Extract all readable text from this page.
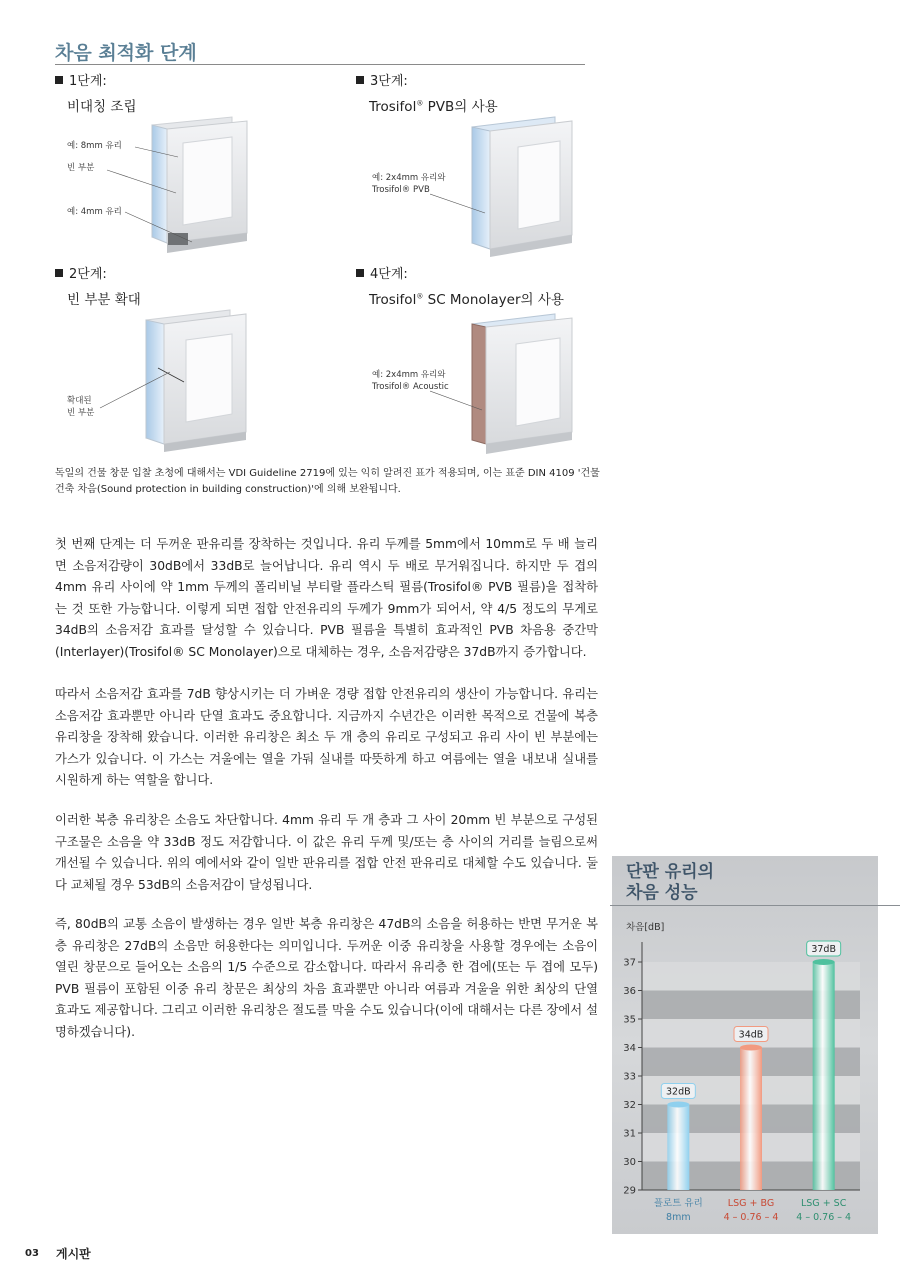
차음 최적화 단계
1단계:
비대칭 조립
3단계:
Trosifol® PVB의 사용
2단계:
빈 부분 확대
4단계:
Trosifol® SC Monolayer의 사용
예: 8mm 유리
빈 부분
예: 4mm 유리
예: 2x4mm 유리와
Trosifol® PVB
확대된
빈 부분
예: 2x4mm 유리와
Trosifol® Acoustic
독일의 건물 창문 입찰 초청에 대해서는 VDI Guideline 2719에 있는 익히 알려진 표가 적용되며, 이는 표준 DIN 4109 '건물 건축 차음(Sound protection in building construction)'에 의해 보완됩니다.

첫 번째 단계는 더 두꺼운 판유리를 장착하는 것입니다. 유리 두께를 5mm에서 10mm로 두 배 늘리면 소음저감량이 30dB에서 33dB로 늘어납니다. 유리 역시 두 배로 무거워집니다. 하지만 두 겹의 4mm 유리 사이에 약 1mm 두께의 폴리비닐 부티랄 플라스틱 필름(Trosifol® PVB 필름)을 접착하는 것 또한 가능합니다. 이렇게 되면 접합 안전유리의 두께가 9mm가 되어서, 약 4/5 정도의 무게로 34dB의 소음저감 효과를 달성할 수 있습니다. PVB 필름을 특별히 효과적인 PVB 차음용 중간막(Interlayer)(Trosifol® SC Monolayer)으로 대체하는 경우, 소음저감량은 37dB까지 증가합니다.

따라서 소음저감 효과를 7dB 향상시키는 더 가벼운 경량 접합 안전유리의 생산이 가능합니다. 유리는 소음저감 효과뿐만 아니라 단열 효과도 중요합니다. 지금까지 수년간은 이러한 목적으로 건물에 복층 유리창을 장착해 왔습니다. 이러한 유리창은 최소 두 개 층의 유리로 구성되고 유리 사이 빈 부분에는 가스가 있습니다. 이 가스는 겨울에는 열을 가둬 실내를 따뜻하게 하고 여름에는 열을 내보내 실내를 시원하게 하는 역할을 합니다.

이러한 복층 유리창은 소음도 차단합니다. 4mm 유리 두 개 층과 그 사이 20mm 빈 부분으로 구성된 구조물은 소음을 약 33dB 정도 저감합니다. 이 값은 유리 두께 및/또는 층 사이의 거리를 늘림으로써 개선될 수 있습니다. 위의 예에서와 같이 일반 판유리를 접합 안전 판유리로 대체할 수도 있습니다. 둘 다 교체될 경우 53dB의 소음저감이 달성됩니다.

즉, 80dB의 교통 소음이 발생하는 경우 일반 복층 유리창은 47dB의 소음을 허용하는 반면 무거운 복층 유리창은 27dB의 소음만 허용한다는 의미입니다. 두꺼운 이중 유리창을 사용할 경우에는 소음이 열린 창문으로 들어오는 소음의 1/5 수준으로 감소합니다. 따라서 유리층 한 겹에(또는 두 겹에 모두) PVB 필름이 포함된 이중 유리 창문은 최상의 차음 효과뿐만 아니라 여름과 겨울을 위한 최상의 단열 효과도 제공합니다. 그리고 이러한 유리창은 절도를 막을 수도 있습니다(이에 대해서는 다른 장에서 설명하겠습니다).

단판 유리의
차음 성능
차음[dB]
29
30
31
32
33
34
35
36
37
32dB
플로트 유리
8mm
34dB
LSG + BG
4 – 0.76 – 4
37dB
LSG + SC
4 – 0.76 – 4
03 게시판
